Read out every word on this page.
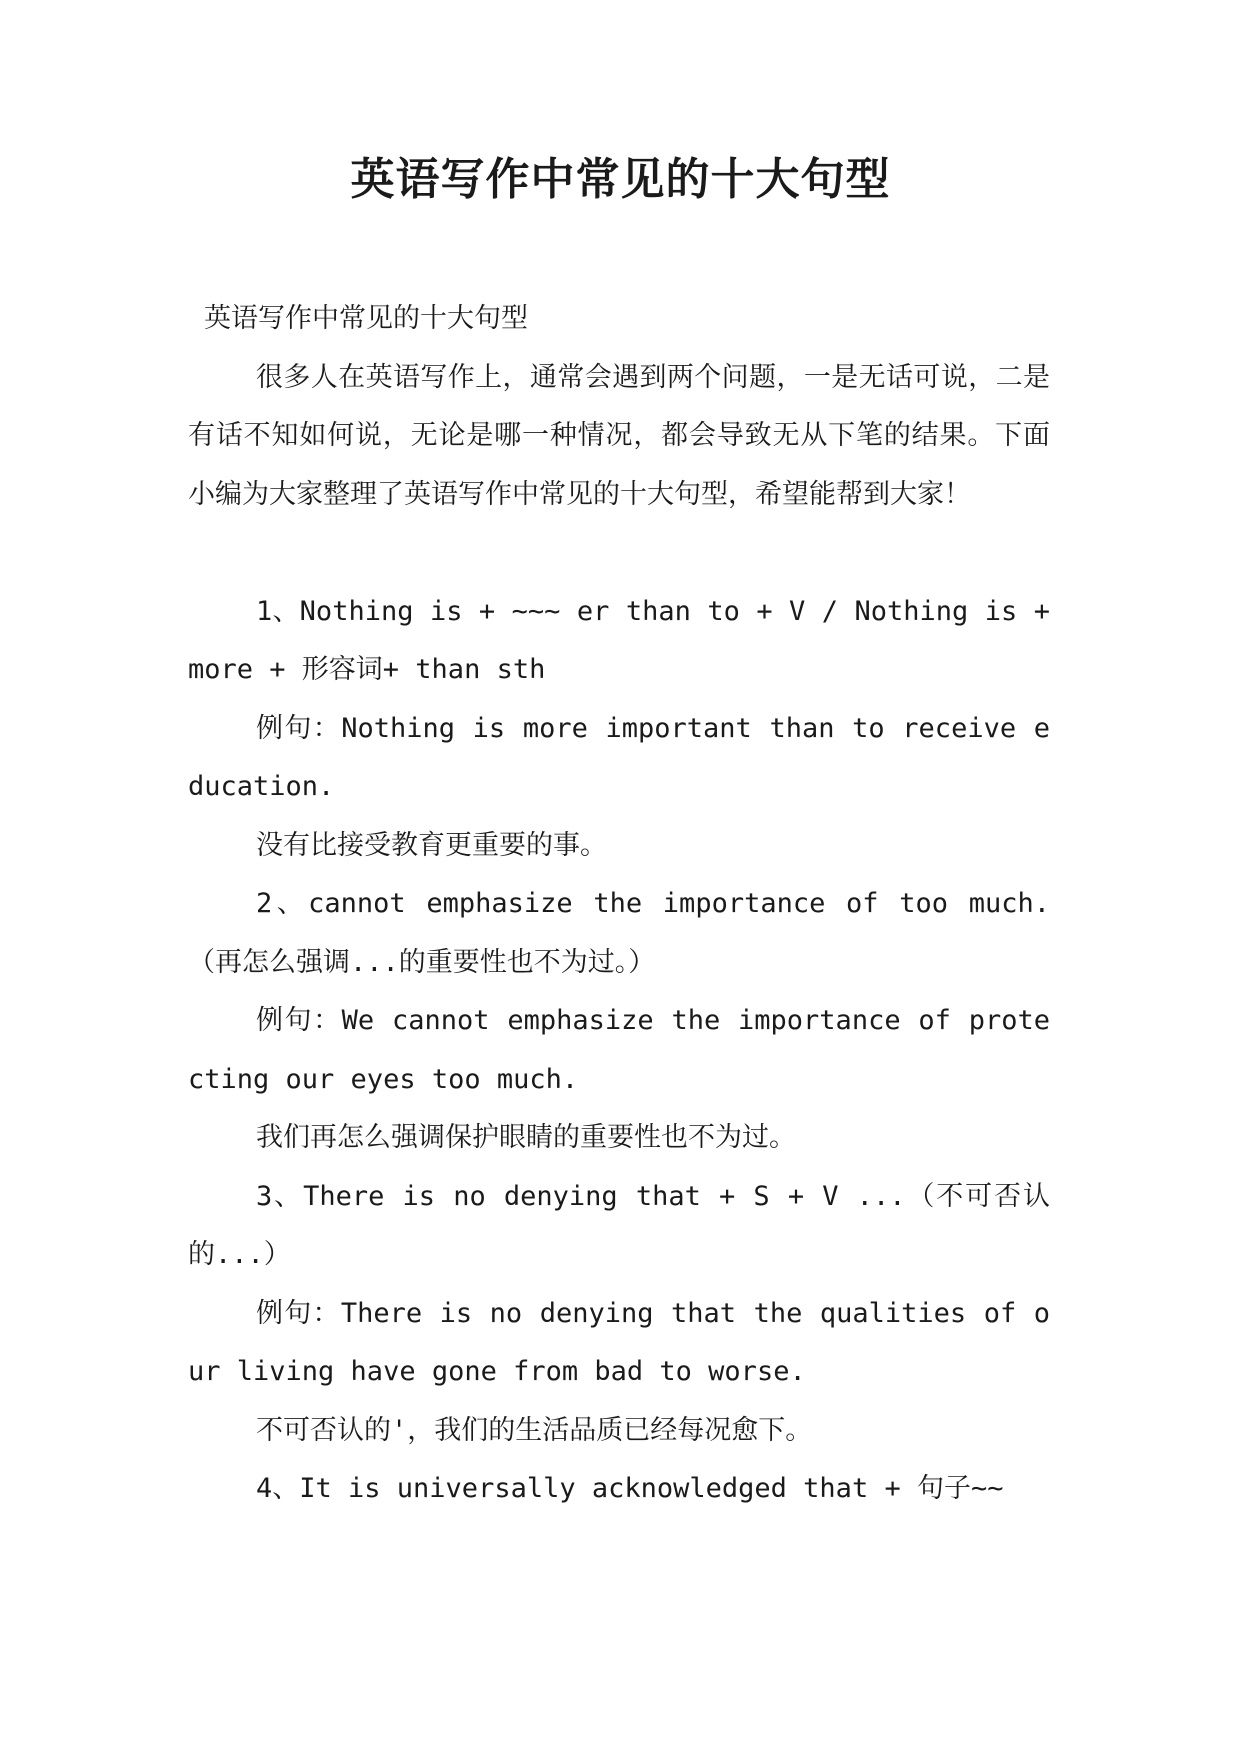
英语写作中常见的十大句型

英语写作中常见的十大句型

很多人在英语写作上，通常会遇到两个问题，一是无话可说，二是有话不知如何说，无论是哪一种情况，都会导致无从下笔的结果。下面小编为大家整理了英语写作中常见的十大句型，希望能帮到大家！

1、Nothing is + ~~~ er than to + V / Nothing is + more + 形容词+ than sth

例句：Nothing is more important than to receive education.

没有比接受教育更重要的事。

2、cannot emphasize the importance of too much.（再怎么强调...的重要性也不为过。）

例句：We cannot emphasize the importance of protecting our eyes too much.

我们再怎么强调保护眼睛的重要性也不为过。

3、There is no denying that + S + V ...（不可否认的...）

例句：There is no denying that the qualities of our living have gone from bad to worse.

不可否认的'，我们的生活品质已经每况愈下。

4、It is universally acknowledged that + 句子~~
